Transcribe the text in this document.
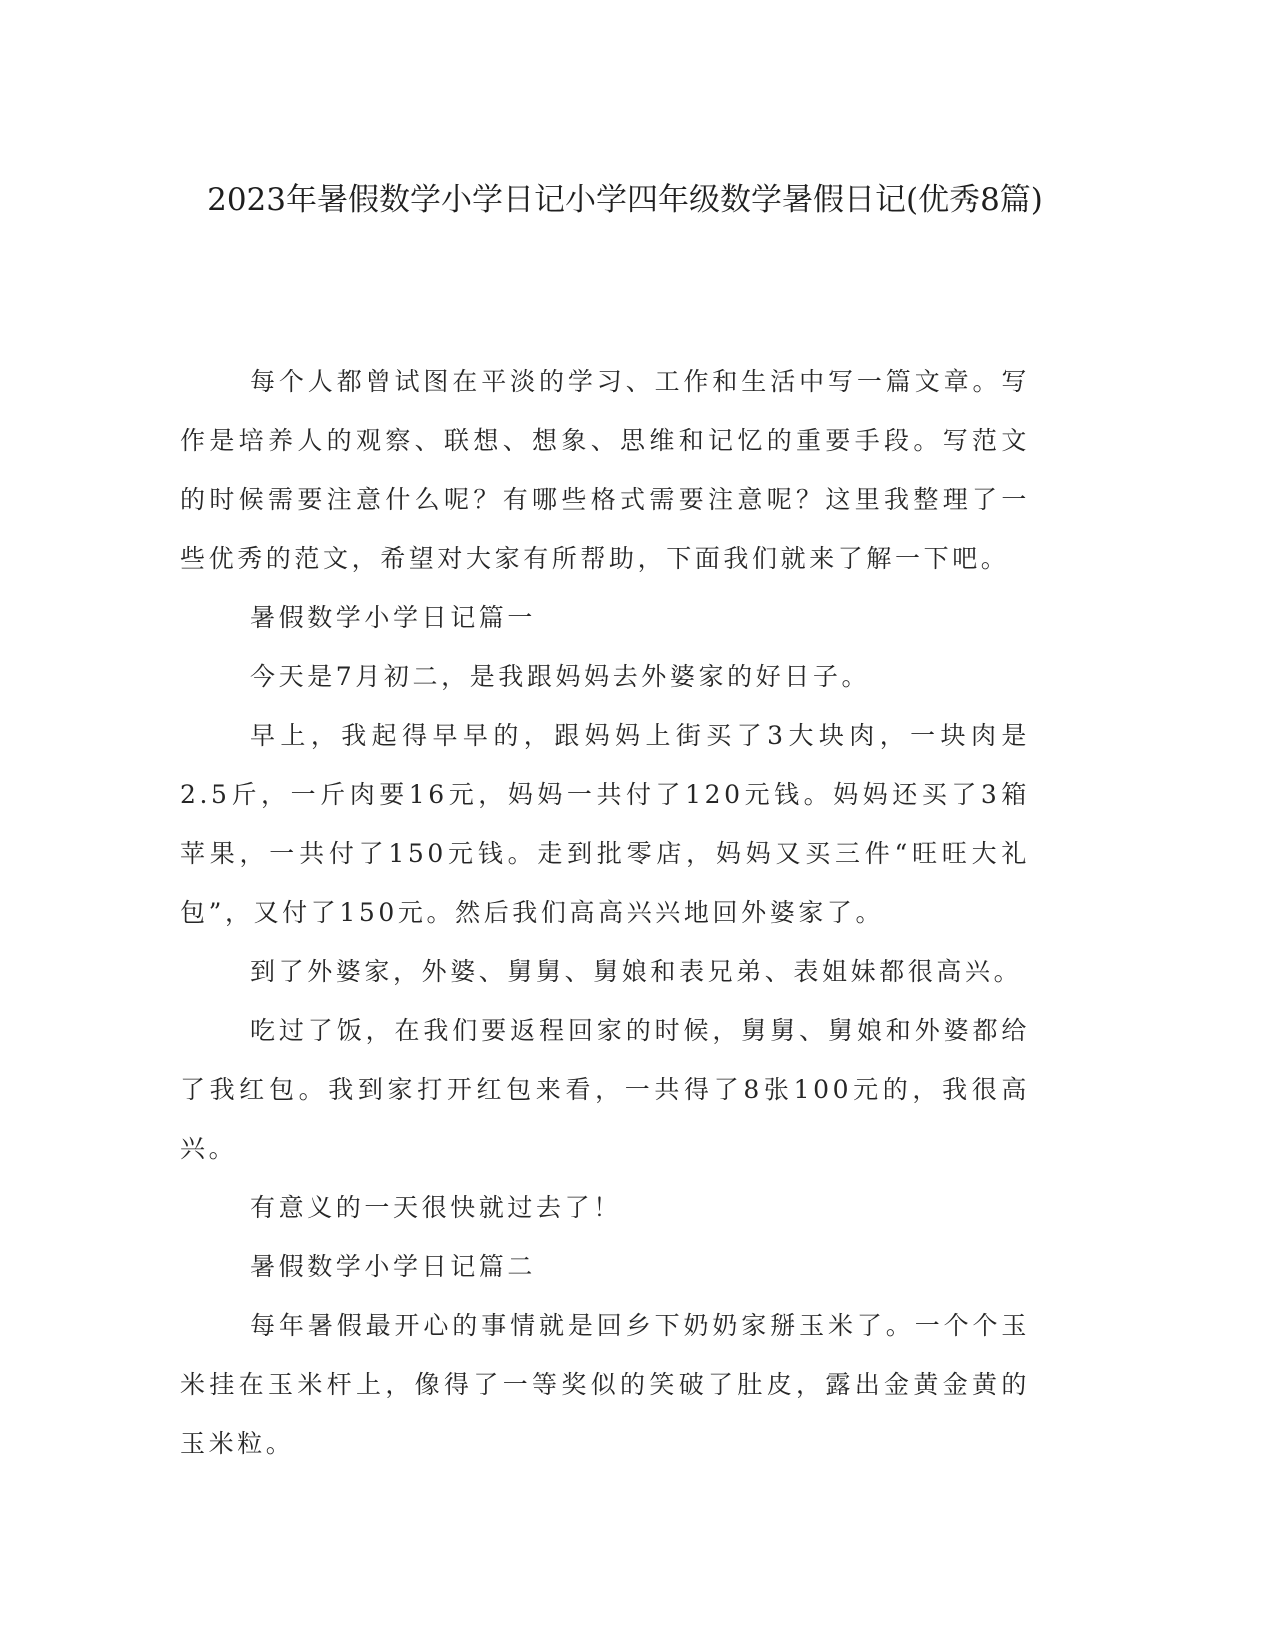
2023年暑假数学小学日记小学四年级数学暑假日记(优秀8篇)

每个人都曾试图在平淡的学习、工作和生活中写一篇文章。写作是培养人的观察、联想、想象、思维和记忆的重要手段。写范文的时候需要注意什么呢？有哪些格式需要注意呢？这里我整理了一些优秀的范文，希望对大家有所帮助，下面我们就来了解一下吧。

暑假数学小学日记篇一

今天是7月初二，是我跟妈妈去外婆家的好日子。

早上，我起得早早的，跟妈妈上街买了3大块肉，一块肉是2.5斤，一斤肉要16元，妈妈一共付了120元钱。妈妈还买了3箱苹果，一共付了150元钱。走到批零店，妈妈又买三件“旺旺大礼包”，又付了150元。然后我们高高兴兴地回外婆家了。

到了外婆家，外婆、舅舅、舅娘和表兄弟、表姐妹都很高兴。

吃过了饭，在我们要返程回家的时候，舅舅、舅娘和外婆都给了我红包。我到家打开红包来看，一共得了8张100元的，我很高兴。

有意义的一天很快就过去了！

暑假数学小学日记篇二

每年暑假最开心的事情就是回乡下奶奶家掰玉米了。一个个玉米挂在玉米杆上，像得了一等奖似的笑破了肚皮，露出金黄金黄的玉米粒。
